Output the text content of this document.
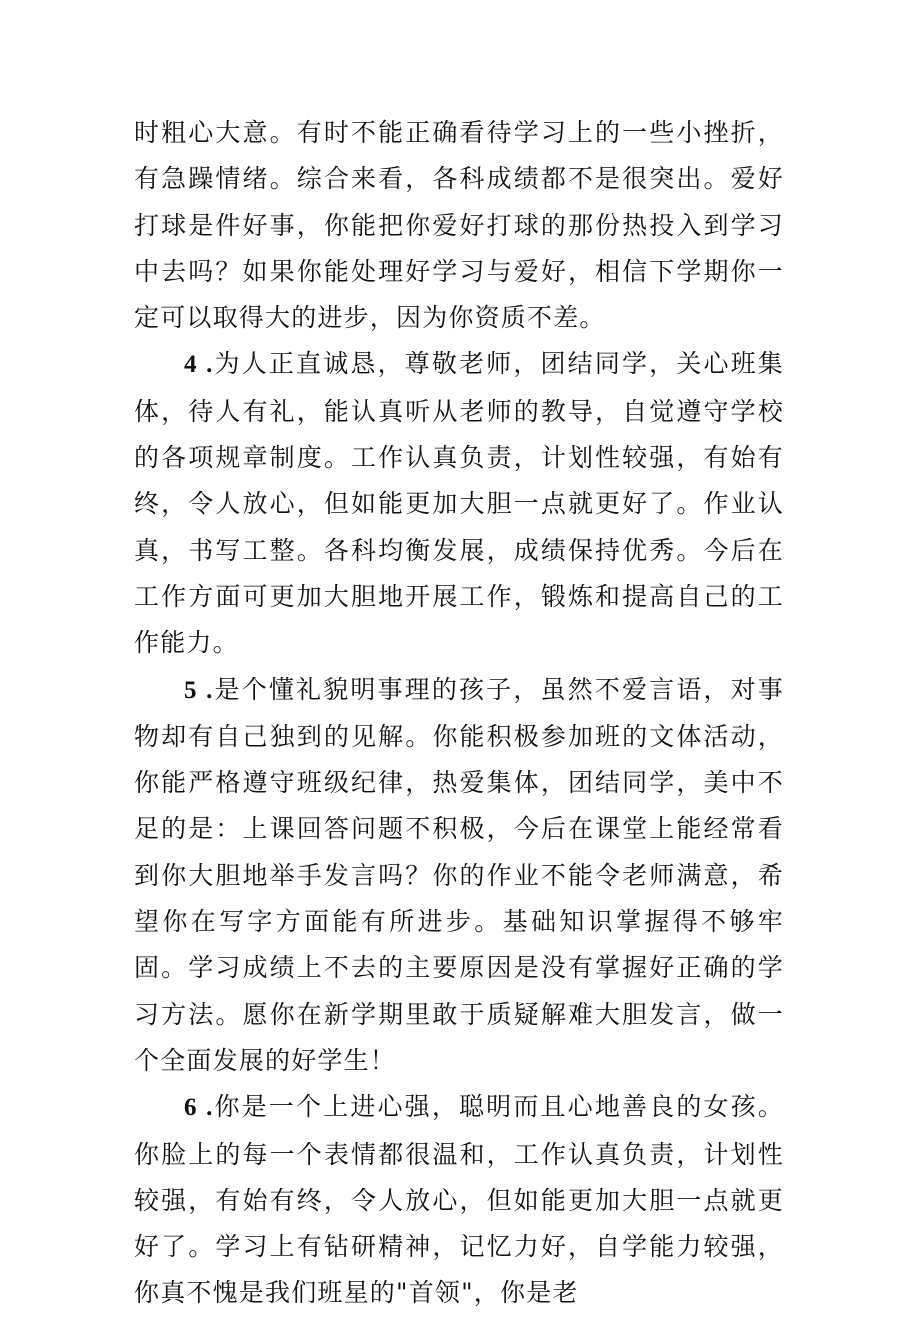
时粗心大意。有时不能正确看待学习上的一些小挫折，有急躁情绪。综合来看，各科成绩都不是很突出。爱好打球是件好事，你能把你爱好打球的那份热投入到学习中去吗？如果你能处理好学习与爱好，相信下学期你一定可以取得大的进步，因为你资质不差。

4 .为人正直诚恳，尊敬老师，团结同学，关心班集体，待人有礼，能认真听从老师的教导，自觉遵守学校的各项规章制度。工作认真负责，计划性较强，有始有终，令人放心，但如能更加大胆一点就更好了。作业认真，书写工整。各科均衡发展，成绩保持优秀。今后在工作方面可更加大胆地开展工作，锻炼和提高自己的工作能力。

5 .是个懂礼貌明事理的孩子，虽然不爱言语，对事物却有自己独到的见解。你能积极参加班的文体活动，你能严格遵守班级纪律，热爱集体，团结同学，美中不足的是：上课回答问题不积极，今后在课堂上能经常看到你大胆地举手发言吗？你的作业不能令老师满意，希望你在写字方面能有所进步。基础知识掌握得不够牢固。学习成绩上不去的主要原因是没有掌握好正确的学习方法。愿你在新学期里敢于质疑解难大胆发言，做一个全面发展的好学生！

6 .你是一个上进心强，聪明而且心地善良的女孩。你脸上的每一个表情都很温和，工作认真负责，计划性较强，有始有终，令人放心，但如能更加大胆一点就更好了。学习上有钻研精神，记忆力好，自学能力较强，你真不愧是我们班星的"首领"，你是老
